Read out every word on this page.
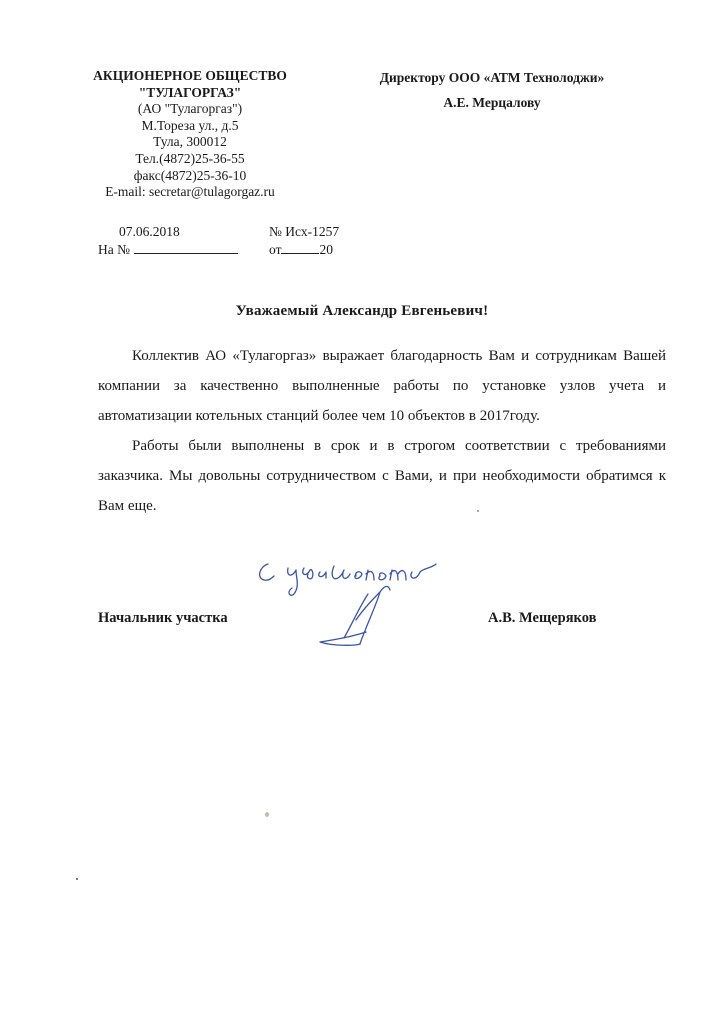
АКЦИОНЕРНОЕ ОБЩЕСТВО
"ТУЛАГОРГАЗ"
(АО "Тулагоргаз")
М.Тореза ул., д.5
Тула, 300012
Тел.(4872)25-36-55
факс(4872)25-36-10
E-mail: secretar@tulagorgaz.ru
Директору ООО «АТМ Технолоджи»
А.Е. Мерцалову
07.06.2018	№ Исх-1257
На №	от	20
Уважаемый Александр Евгеньевич!

Коллектив АО «Тулагоргаз» выражает благодарность Вам и сотрудникам Вашей компании за качественно выполненные работы по установке узлов учета и автоматизации котельных станций более чем 10 объектов в 2017году.

Работы были выполнены в срок и в строгом соответствии с требованиями заказчика. Мы довольны сотрудничеством с Вами, и при необходимости обратимся к Вам еще.

Начальник участка	А.В. Мещеряков
